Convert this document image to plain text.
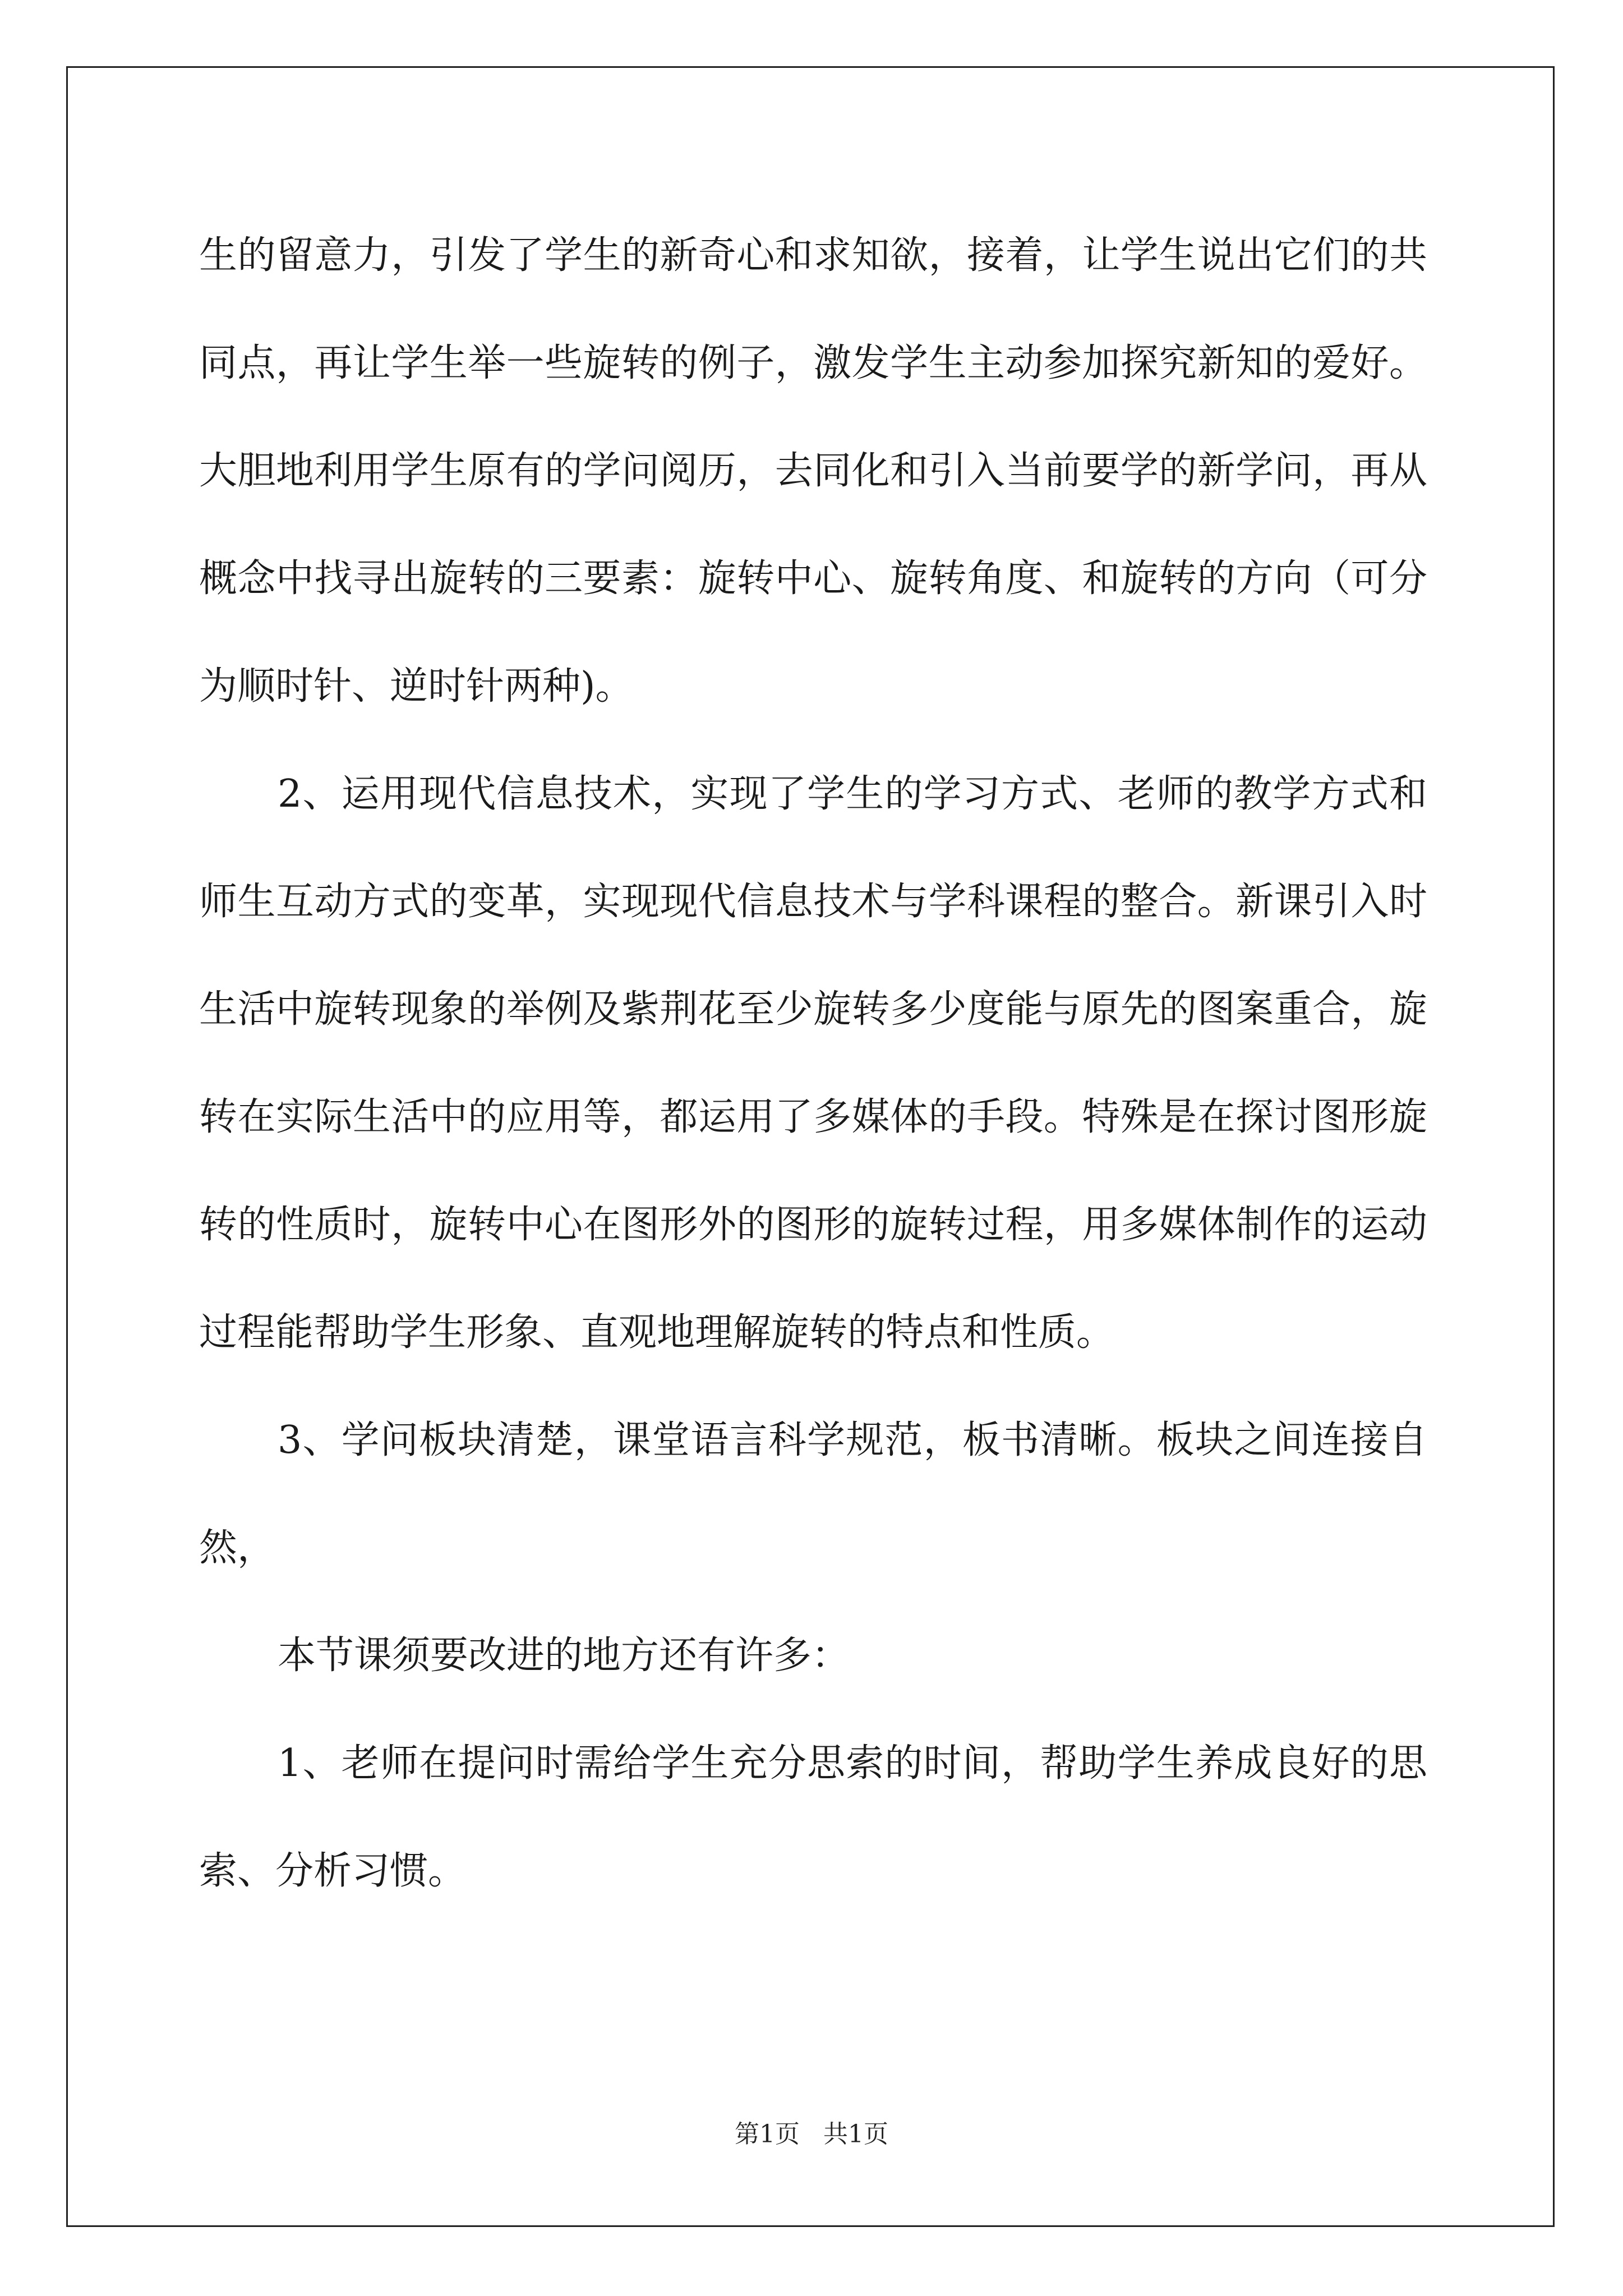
生的留意力，引发了学生的新奇心和求知欲，接着，让学生说出它们的共同点，再让学生举一些旋转的例子，激发学生主动参加探究新知的爱好。大胆地利用学生原有的学问阅历，去同化和引入当前要学的新学问，再从概念中找寻出旋转的三要素：旋转中心、旋转角度、和旋转的方向（可分为顺时针、逆时针两种)。

2、运用现代信息技术，实现了学生的学习方式、老师的教学方式和师生互动方式的变革，实现现代信息技术与学科课程的整合。新课引入时生活中旋转现象的举例及紫荆花至少旋转多少度能与原先的图案重合，旋转在实际生活中的应用等，都运用了多媒体的手段。特殊是在探讨图形旋转的性质时，旋转中心在图形外的图形的旋转过程，用多媒体制作的运动过程能帮助学生形象、直观地理解旋转的特点和性质。

3、学问板块清楚，课堂语言科学规范，板书清晰。板块之间连接自然，

本节课须要改进的地方还有许多：

1、老师在提问时需给学生充分思索的时间，帮助学生养成良好的思索、分析习惯。

第1页   共1页
